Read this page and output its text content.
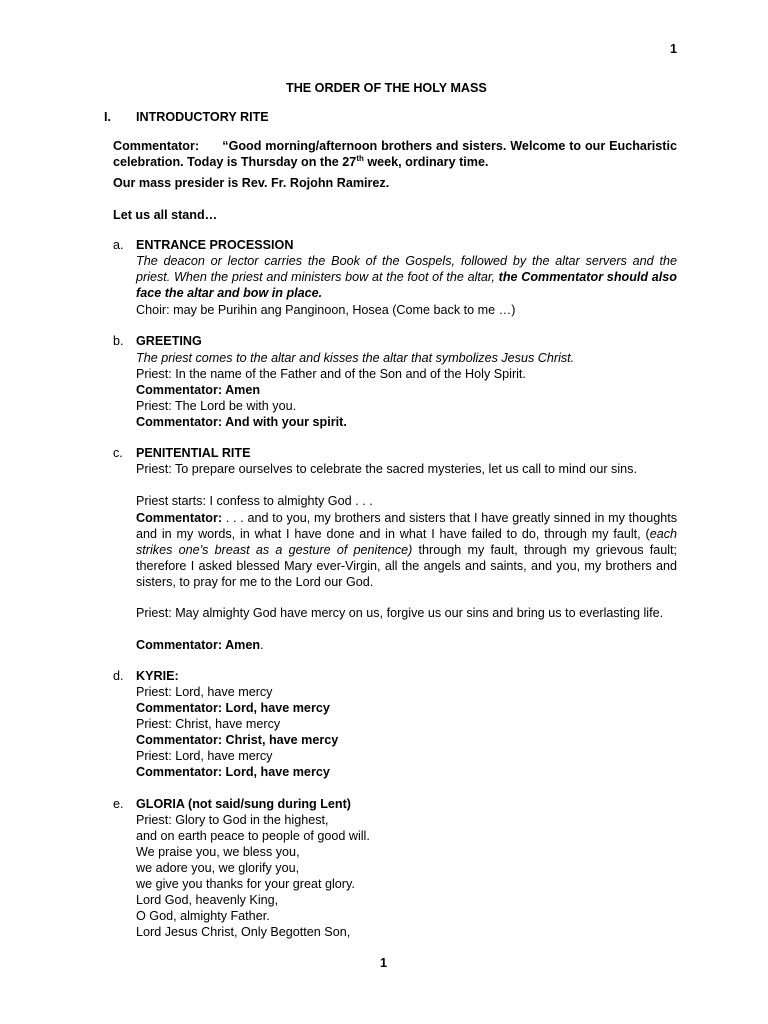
1
1
THE ORDER OF THE HOLY MASS
I. INTRODUCTORY RITE
Commentator: “Good morning/afternoon brothers and sisters. Welcome to our Eucharistic celebration. Today is Thursday on the 27th week, ordinary time.
Our mass presider is Rev. Fr. Rojohn Ramirez.
Let us all stand…
a. ENTRANCE PROCESSION
The deacon or lector carries the Book of the Gospels, followed by the altar servers and the priest. When the priest and ministers bow at the foot of the altar, the Commentator should also face the altar and bow in place.
Choir: may be Purihin ang Panginoon, Hosea (Come back to me …)
b. GREETING
The priest comes to the altar and kisses the altar that symbolizes Jesus Christ.
Priest: In the name of the Father and of the Son and of the Holy Spirit.
Commentator: Amen
Priest: The Lord be with you.
Commentator: And with your spirit.
c. PENITENTIAL RITE
Priest: To prepare ourselves to celebrate the sacred mysteries, let us call to mind our sins.
Priest starts: I confess to almighty God . . .
Commentator: . . . and to you, my brothers and sisters that I have greatly sinned in my thoughts and in my words, in what I have done and in what I have failed to do, through my fault, (each strikes one’s breast as a gesture of penitence) through my fault, through my grievous fault; therefore I asked blessed Mary ever-Virgin, all the angels and saints, and you, my brothers and sisters, to pray for me to the Lord our God.
Priest: May almighty God have mercy on us, forgive us our sins and bring us to everlasting life.
Commentator: Amen.
d. KYRIE:
Priest: Lord, have mercy
Commentator: Lord, have mercy
Priest: Christ, have mercy
Commentator: Christ, have mercy
Priest: Lord, have mercy
Commentator: Lord, have mercy
e. GLORIA (not said/sung during Lent)
Priest: Glory to God in the highest,
and on earth peace to people of good will.
We praise you, we bless you,
we adore you, we glorify you,
we give you thanks for your great glory.
Lord God, heavenly King,
O God, almighty Father.
Lord Jesus Christ, Only Begotten Son,
